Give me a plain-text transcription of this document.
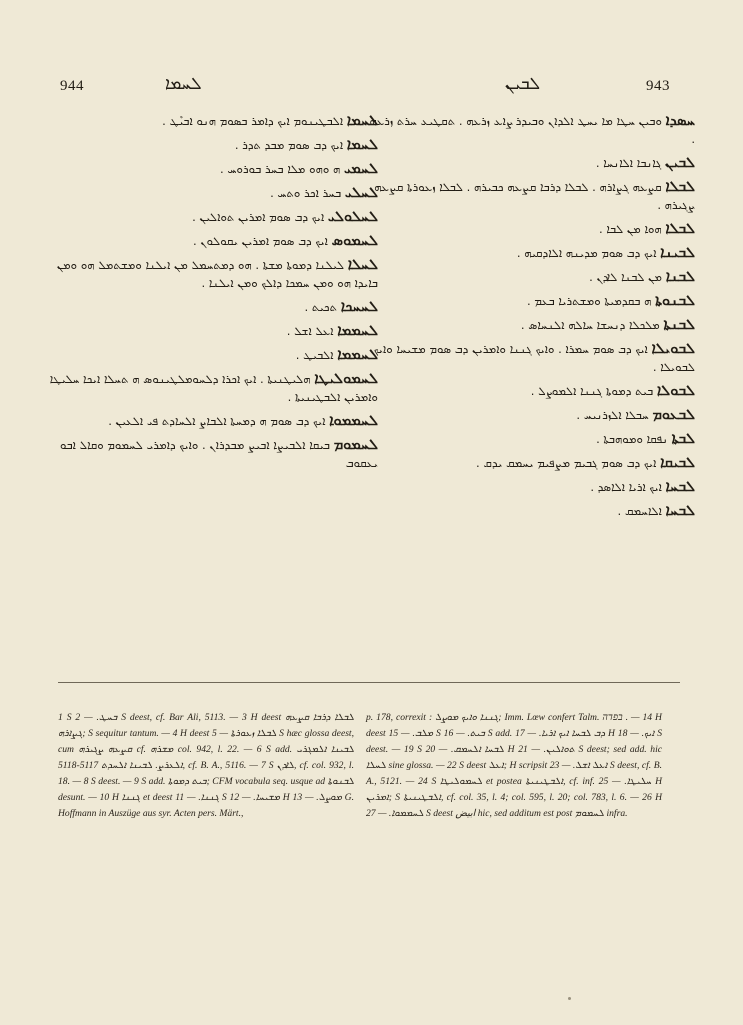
944	ܠܚܡܐ	ܠܒܝܢ	943
ܠܚܡܐ ܐܠܒܛܝܢܘܡ ܐܝܟ ܕܐܡܪ ܒܣܘܡ ܗܢܘ ܐܒܝܶܛ .
ܠܚܡܐ ܐܝܟ ܕܒ ܣܘܡ ܡܒܕ ܬܕܪ .
ܠܚܡܝ ܗ ܘܗܘ ܡܠܐ ܒܚܪ ܒܘܪܘܚ .
ܠܚܠܝ ܒܚܪ ܐܟܪ ܘܬܚ .
ܠܚܠܘܠܝ ܐܝܟ ܕܒ ܣܘܡ ܐܡܪܝܢ ܬܘܐܠܝܢ .
ܠܚܡܘܣ ܐܝܟ ܕܒ ܣܘܡ ܐܡܪܝܢ ܝܩܘܠܘܢ .
ܠܚܠܐ ܠܝܠܢܐ ܕܡܘܬܐ ܡܫܬܐ . ܗܘ ܕܡܬܚܡܠ ܡܢ ܐܝܠܢܐ ܘܡܫܬܡܠ ܗܘ ܘܡܢ ܒܐܝܕܐ ܗܘ ܘܡܢ ܚܡܟܐ ܕܐܠܟ ܘܡܢ ܐܝܠܢܐ .
ܠܚܚܟܐ ܬܟܝܬ .
ܠܚܡܡܐ ܐܥܠ ܐܫܠ .
ܠܚܡܡܐ ܐܠܒܝܛ .
ܠܚܡܘܠܝܛܐ ܗܠܝܛܢܝܬܐ . ܐܝܟ ܐܟܪܐ ܕܠܚܘܡܠܛܝܢܘܣ ܗ ܬܚܠܐ ܐܝܟܐ ܚܠܝܛܐ ܘܐܡܪܝܢ ܐܠܒܛܝܢܝܬܐ .
ܠܚܡܡܘܐ ܐܝܟ ܕܒ ܣܘܡ ܗ ܕܡܚܬܐ ܐܠܒܐܨ ܐܠܚܐܕܬ ܦܝ ܐܠܥܝܢ .
ܠܚܡܘܡ ܒܝܩܐ ܐܠܒܝܨܐ ܐܒܝܨ ܡܒܕܪܐܢ . ܘܐܝܟ ܕܐܡܪܝ ܠܚܡܘܡ ܘܩܐܠ ܐܒܘ ܝܥܩܘܒ
ܚܣܕܐ ܘܒܝܢ ܚܛܐ ܡܐ ܝܚܛ ܐܠܕܐܢ ܘܒܝܕܪ ܨܐܥ ܙܪܥܗ . ܬܩܛܝܥ ܚܪܬ ܙܪܥܗ .
ܠܒܝܢ ܓܐܢܒܐ ܐܠܐܢܚܐ .
ܠܒܠܐ ܩܨܥܗ ܓܨܐܪܗ . ܠܒܠܐ ܕܪܒܐ ܩܨܥܗ ܟܒܝܪܗ . ܠܒܠܐ ܙܥܘܪܬܐ ܩܨܥܗ ܨܓܝܪܗ .
ܠܒܠܐ ܗܘܐ ܡܢ ܠܒܐ .
ܠܒܝܢܐ ܐܝܟ ܕܒ ܣܘܡ ܡܕܝܢܗ ܐܠܐܕܩܝܗ .
ܠܒܢܐ ܡܢ ܠܒܢܐ ܠܐܕܢ .
ܠܒܢܘܬܐ ܗ ܒܩܕܡܝܬܐ ܘܡܫܬܪܝܐ ܒܥܡ .
ܠܒܢܬܐ ܡܠܟܠܐ ܕܢܚܫܐ ܚܐܠܗ ܐܠܢܚܐܣ .
ܠܒܘܝܠܐ ܐܝܟ ܕܒ ܣܘܡ ܚܡܪܐ . ܘܐܝܟ ܓܢܢܐ ܘܐܡܪܝܢ ܕܒ ܣܘܡ ܡܫܝܚܐ ܘܐܝܟ ܠܒܘܝܠܐ .
ܠܒܘܠܐ ܒܝܬ ܕܡܘܬܐ ܓܢܢܐ ܐܠܡܘܨܠ .
ܠܒܥܘܡ ܚܒܠܐ ܐܠܙܪܢܝܚ .
ܠܒܬܐ ܢܦܩܐ ܘܡܘܗܒܬܐ .
ܠܒܝܩܐ ܐܝܟ ܕܒ ܣܘܡ ܓܒܝܡ ܡܨܦܝܡ ܝܚܡܩ ܝܕܩ .
ܠܒܚܐ ܐܝܟ ܐܪܝܐ ܐܠܐܣܕ .
ܠܒܚܐ ܐܠܐܚܡܩ .

1 S ܒܚܛ. — 2 S deest, cf. Bar Ali, 5113. — 3 H deest ܠܒܠܐ ܕܪܒܐ ܩܨܥܗ ܓܨܐܪܗ; S sequitur tantum. — 4 H deest ܠܒܠܐ ܙܥܘܪܬܐ — 5 S hæc glossa deest, cum ܩܨܥܗ ܨܓܝܪܗ cf. ܡܫܪܗ col. 942, l. 22. — 6 S add. ܠܒܝܢܐ ܐܠܡܓܪܝ ܐܠܥܪܨ. ܠܒܝܢܐ ܐܠܚܕܬ 5117-5118, cf. B. A., 5116. — 7 S ܠܐܕܢ, cf. col. 932, l. 18. — 8 S deest. — 9 S add. ܒܝܬ ܕܡܘܬܐ; CFM vocabula seq. usque ad ܠܒܢܘܬܐ desunt. — 10 H ܓܢܢܐ et deest ܓܢܢܐ. — 11 S ܡܫܝܚܐ. — 12 H ܡܘܨܠ. — 13 G. Hoffmann in Auszüge aus syr. Acten pers. Märt.,

p. 178, correxit : ܓܢܢܐ ܘܐܝܟ ܡܘܨܠ; Imm. Lœw confert Talm. ‎בפדה‎ . — 14 H deest ܡܠܒ. — 15 S ܒܝܬ. — 16 S add. ܕܒ ܠܒܚܐ ܐܝܟ ܐܪܝܐ. — 17 H ܐܝܟ. — 18 S deest. — 19 S ܠܒܚܐ ܐܠܚܡܩ. — 20 H ܬܘܐܠܝܢ. — 21 S deest; sed add. hic ܠܚܠܐ sine glossa. — 22 S deest ܐܥܠ; H scripsit ܐܥܠ ܐܫܠ. — 23 S deest, cf. B. A., 5121. — 24 S ܠܚܡܘܠܝܛܐ et postea ܐܠܒܛܝܢܝܬܐ, cf. inf. ܚܠܝܛܐ. — 25 H ܐܡܪܝܢ; S ܐܠܒܛܝܢܝܬܐ, cf. col. 35, l. 4; col. 595, l. 20; col. 783, l. 6. — 26 H ܠܚܡܡܘܐ. — 27 S deest ابيض hic, sed additum est post ܠܚܡܘܡ infra.
